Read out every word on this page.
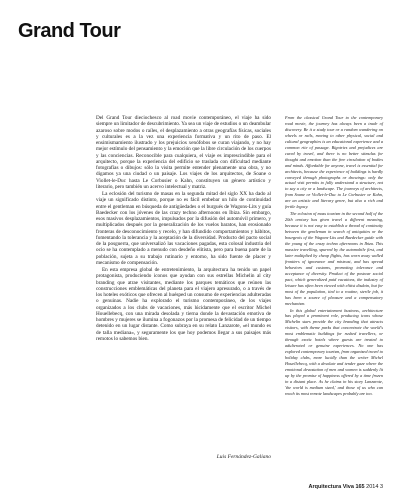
Grand Tour

Del Grand Tour dieciochesco al road movie contemporáneo, el viaje ha sido siempre un limitador de descubrimiento. Ya sea un viaje de estudios o un deambular azaroso sobre modos o raíles, el desplazamiento a otras geografías físicas, sociales y culturales es a la vez una experiencia formativa y un rito de paso. El ensimismamiento ilustrado y los prejuicios xenófobos se curan viajando, y no hay mejor estímulo del pensamiento y la emoción que la libre circulación de los cuerpos y las conciencias. Reconocible para cualquiera, el viaje es imprescindible para el arquitecto, porque la experiencia del edificio se traslada con dificultad mediante fotografías o dibujos: sólo la visita permite entender plenamente una obra, y no digamos ya una ciudad o un paisaje. Los viajes de los arquitectos, de Soane o Viollet-le-Duc hasta Le Corbusier o Kahn, constituyen un género artístico y literario, pero también un acervo intelectual y matriz.

La eclosión del turismo de masas en la segunda mitad del siglo XX ha dado al viaje un significado distinto, porque no es fácil embebar un hilo de continuidad entre el gentleman en búsqueda de antigüedades o el burgués de Wagons-Lits y guía Baedecker con los jóvenes de las crazy techno afternoons en Ibiza. Sin embargo, esos masivos desplazamientos, impulsados por la difusión del automóvil primero, y multiplicados después por la generalización de los vuelos baratos, han erosionado fronteras de desconocimiento y recelo, y han difundido comportamientos y hábitos, fomentando la tolerancia y la aceptación de la diversidad. Producto del pacto social de la posguerra, que universalizó las vacaciones pagadas, esta colosal industria del ocio se ha contemplado a menudo con desdeño elitista, pero para buena parte de la población, sujeta a su trabajo rutinario y entorno, ha sido fuente de placer y mecanismo de compensación.

En esta empresa global de entretenimiento, la arquitectura ha tenido un papel protagonista, produciendo iconos que ayudan con sus estrellas Michelin al city branding que atrae visitantes, mediante los parques temáticos que reúnen las construcciones emblemáticas del planeta para el viajero apresurado, o a través de los hoteles exóticos que ofrecen al huésped un consumo de experiencias adulteradas o genuinas. Nadie ha explorado el turismo contemporáneo, de los viajes organizados a los clubs de vacaciones, más lúcidamente que el escritor Michel Houellebecq, con una mirada desolada y tierna donde la devastación emotiva de hombres y mujeres se ilumina a fogonazos por la promesa de felicidad de un tiempo detenido en un lugar distante. Como subraya en su relato Lanzarote, «el mundo es de talla mediana», y seguramente los que hoy podemos llegar a sus paisajes más remotos lo sabemos bien.

Luis Fernández-Galiano

From the classical Grand Tour to the contemporary road movie, the journey has always been a trade of discovery. Be it a study tour or a random wandering on wheels or rails, moving to other physical, social and cultural geographies is an educational experience and a common rite of passage. Bigotries and prejudices are cured by travel, and there is no better stimulus for thought and emotion than the free circulation of bodies and minds. Affordable for anyone, travel is essential for architects, because the experience of buildings is hardly conveyed through photographs or drawings: only the actual visit permits to fully understand a structure, not to say a city or a landscape. The journeys of architects, from Soane or Viollet-le-Duc to Le Corbusier or Kahn, are an artistic and literary genre, but also a rich and fertile legacy.

The eclosion of mass tourism in the second half of the 20th century has given travel a different meaning, because it is not easy to establish a thread of continuity between the gentleman in search of antiquities or the bourgeois of the Wagons-Lits and Baedecker guide with the young of the crazy techno afternoons in Ibiza. This massive travelling, spurred by the automobile first, and later multiplied by cheap flights, has worn away walled frontiers of ignorance and mistrust, and has spread behaviors and customs, promoting tolerance and acceptance of diversity. Product of the postwar social pact, which generalized paid vacations, the industry of leisure has often been viewed with elitist disdain, but for most of the population, tied to a routine, sterile job, it has been a source of pleasure and a compensatory mechanism.

In this global entertainment business, architecture has played a prominent role, producing icons whose Michelin stars provide the city branding that attracts visitors, with theme parks that concentrate the world's most emblematic buildings for rushed travellers, or through exotic hotels where guests are treated to adulterated or genuine experiences. No one has explored contemporary tourism, from organized travel to holiday clubs, more lucidly than the writer Michel Houellebecq, with a desolate and tender gaze where the emotional devastation of men and women is suddenly lit up by the promise of happiness offered by a time frozen in a distant place. As he claims in his story Lanzarote, 'the world is medium sized,' and those of us who can reach its most remote landscapes probably are too.

Arquitectura Viva 165 2014 3
